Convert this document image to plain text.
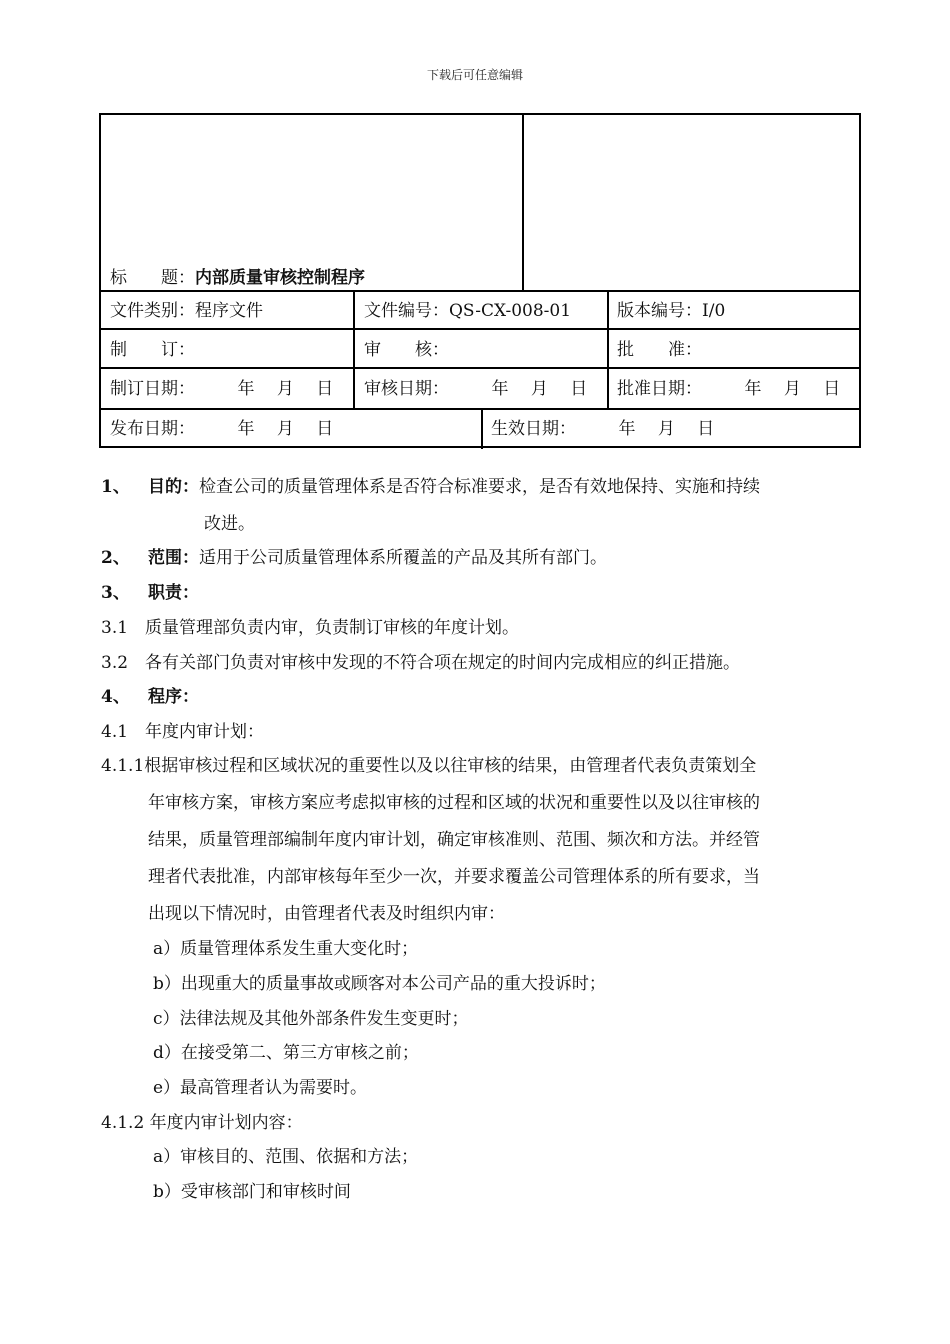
下载后可任意编辑
标　　题：内部质量审核控制程序
文件类别：程序文件	文件编号：QS-CX-008-01	版本编号：I/0
制　　订：	审　　核：	批　　准：
制订日期：　　　年　 月　 日 审核日期：　　　年　 月　 日 批准日期：　　　年　 月　 日
发布日期：　　　年　 月　 日	生效日期：　　　年　 月　 日
1、 目的：检查公司的质量管理体系是否符合标准要求，是否有效地保持、实施和持续
改进。
2、 范围：适用于公司质量管理体系所覆盖的产品及其所有部门。
3、 职责：
3.1　质量管理部负责内审，负责制订审核的年度计划。
3.2　各有关部门负责对审核中发现的不符合项在规定的时间内完成相应的纠正措施。
4、 程序：
4.1　年度内审计划：
4.1.1根据审核过程和区域状况的重要性以及以往审核的结果，由管理者代表负责策划全
年审核方案，审核方案应考虑拟审核的过程和区域的状况和重要性以及以往审核的
结果，质量管理部编制年度内审计划，确定审核准则、范围、频次和方法。并经管
理者代表批准，内部审核每年至少一次，并要求覆盖公司管理体系的所有要求，当
出现以下情况时，由管理者代表及时组织内审：
a）质量管理体系发生重大变化时；
b）出现重大的质量事故或顾客对本公司产品的重大投诉时；
c）法律法规及其他外部条件发生变更时；
d）在接受第二、第三方审核之前；
e）最高管理者认为需要时。
4.1.2 年度内审计划内容：
a）审核目的、范围、依据和方法；
b）受审核部门和审核时间
